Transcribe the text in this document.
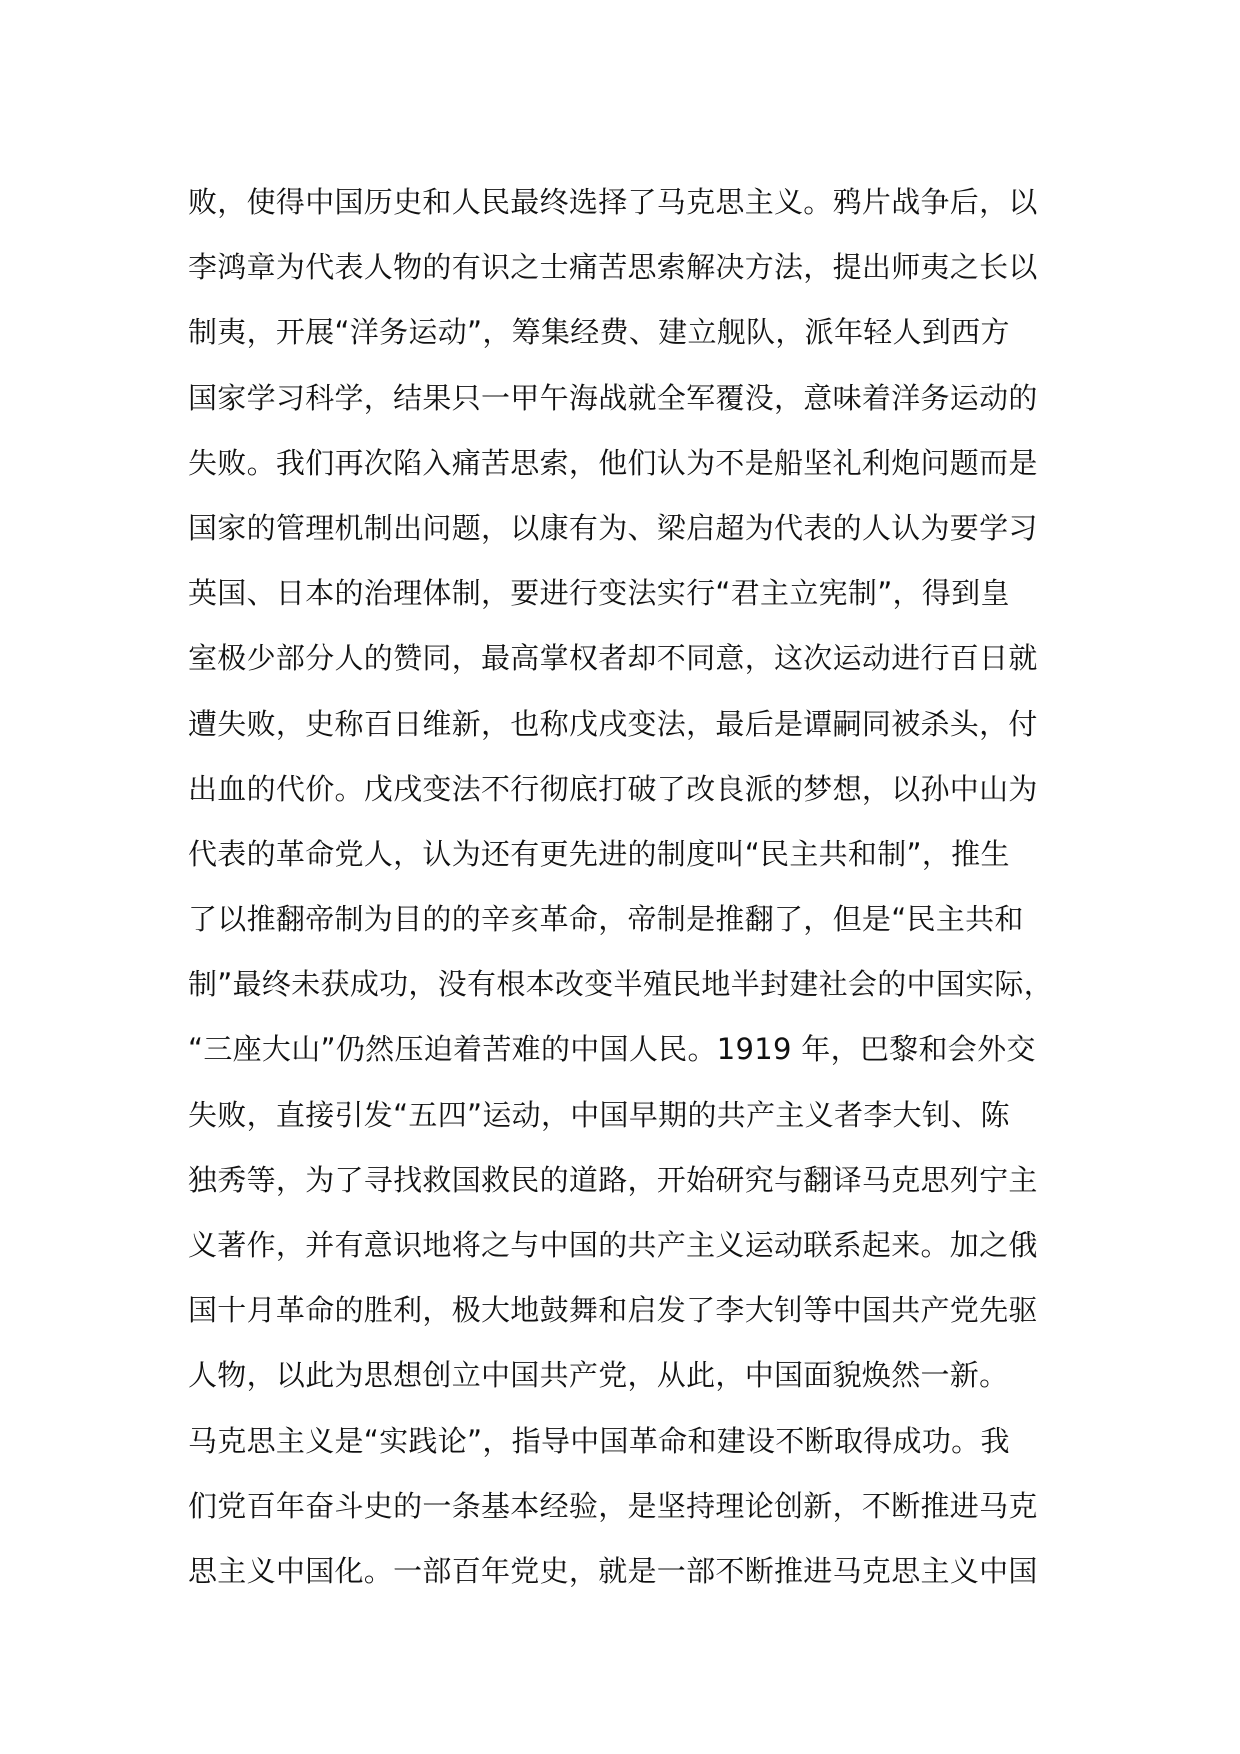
败，使得中国历史和人民最终选择了马克思主义。鸦片战争后，以
李鸿章为代表人物的有识之士痛苦思索解决方法，提出师夷之长以
制夷，开展“洋务运动”，筹集经费、建立舰队，派年轻人到西方
国家学习科学，结果只一甲午海战就全军覆没，意味着洋务运动的
失败。我们再次陷入痛苦思索，他们认为不是船坚礼利炮问题而是
国家的管理机制出问题，以康有为、梁启超为代表的人认为要学习
英国、日本的治理体制，要进行变法实行“君主立宪制”，得到皇
室极少部分人的赞同，最高掌权者却不同意，这次运动进行百日就
遭失败，史称百日维新，也称戊戌变法，最后是谭嗣同被杀头，付
出血的代价。戊戌变法不行彻底打破了改良派的梦想，以孙中山为
代表的革命党人，认为还有更先进的制度叫“民主共和制”，推生
了以推翻帝制为目的的辛亥革命，帝制是推翻了，但是“民主共和
制”最终未获成功，没有根本改变半殖民地半封建社会的中国实际，
“三座大山”仍然压迫着苦难的中国人民。1919 年，巴黎和会外交
失败，直接引发“五四”运动，中国早期的共产主义者李大钊、陈
独秀等，为了寻找救国救民的道路，开始研究与翻译马克思列宁主
义著作，并有意识地将之与中国的共产主义运动联系起来。加之俄
国十月革命的胜利，极大地鼓舞和启发了李大钊等中国共产党先驱
人物，以此为思想创立中国共产党，从此，中国面貌焕然一新。
马克思主义是“实践论”，指导中国革命和建设不断取得成功。我
们党百年奋斗史的一条基本经验，是坚持理论创新，不断推进马克
思主义中国化。一部百年党史，就是一部不断推进马克思主义中国
